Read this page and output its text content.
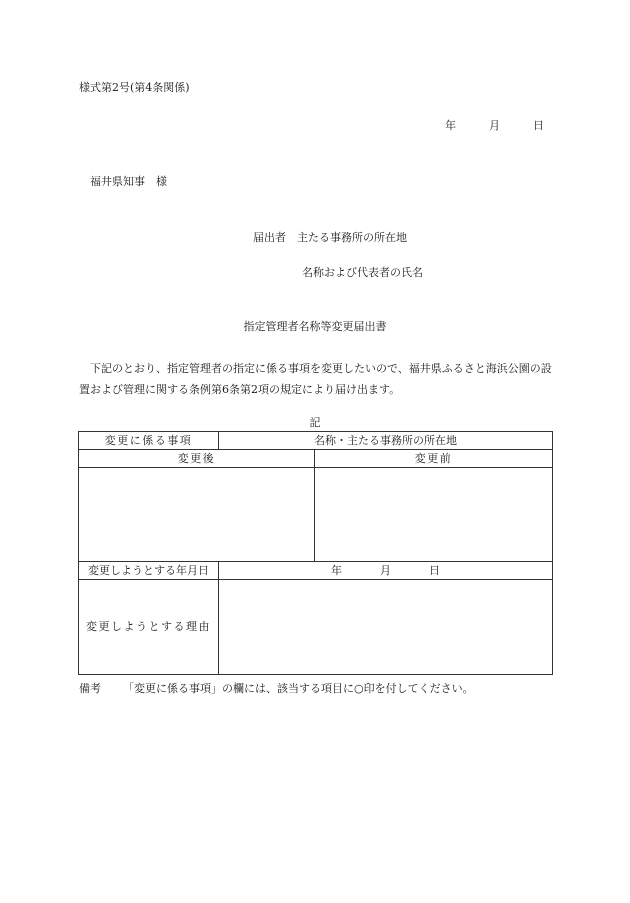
様式第2号(第4条関係)
年	月	日
福井県知事　様
届出者　主たる事務所の所在地
名称および代表者の氏名
指定管理者名称等変更届出書
下記のとおり、指定管理者の指定に係る事項を変更したいので、福井県ふるさと海浜公園の設置および管理に関する条例第6条第2項の規定により届け出ます。
記
変更に係る事項	名称・主たる事務所の所在地	
変更後		変更前

変更しようとする年月日	年 月 日	
変更しようとする理由		
備考 「変更に係る事項」の欄には、該当する項目に○印を付してください。
